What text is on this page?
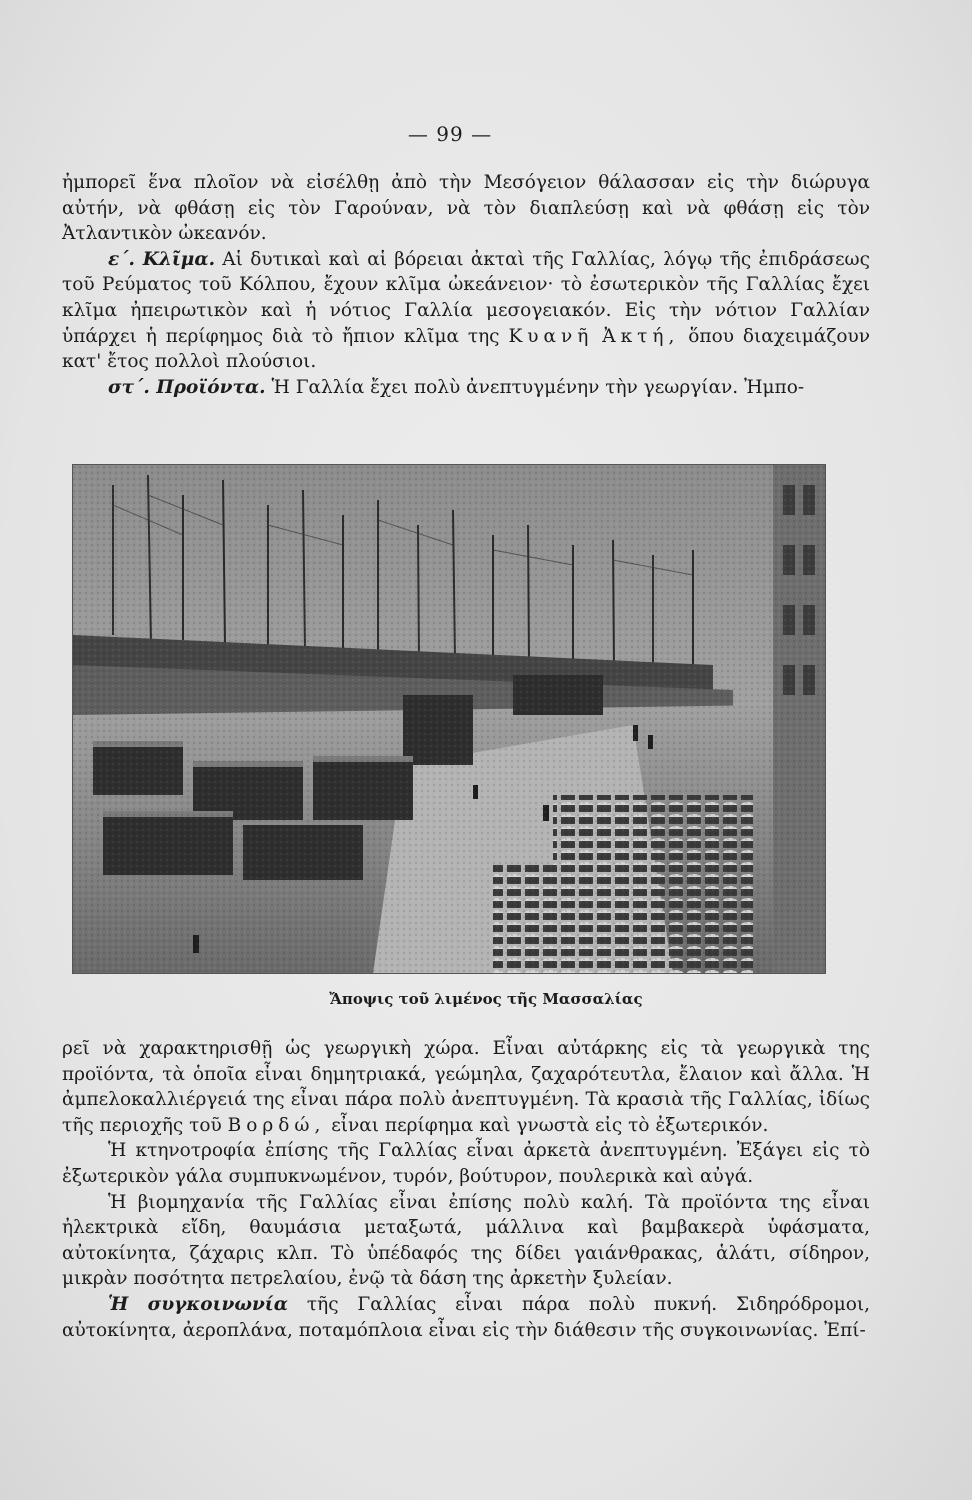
— 99 —

ἠμπορεῖ ἕνα πλοῖον νὰ εἰσέλθῃ ἀπὸ τὴν Μεσόγειον θάλασσαν εἰς τὴν διώρυγα αὐτήν, νὰ φθάσῃ εἰς τὸν Γαρούναν, νὰ τὸν διαπλεύσῃ καὶ νὰ φθάσῃ εἰς τὸν Ἀτλαντικὸν ὠκεανόν.

ε΄. Κλῖμα. Αἱ δυτικαὶ καὶ αἱ βόρειαι ἀκταὶ τῆς Γαλλίας, λόγῳ τῆς ἐπιδράσεως τοῦ Ρεύματος τοῦ Κόλπου, ἔχουν κλῖμα ὠκεάνειον· τὸ ἐσωτερικὸν τῆς Γαλλίας ἔχει κλῖμα ἠπειρωτικὸν καὶ ἡ νότιος Γαλλία μεσογειακόν. Εἰς τὴν νότιον Γαλλίαν ὑπάρχει ἡ περίφημος διὰ τὸ ἤπιον κλῖμα της Κυανῆ Ἀκτή, ὅπου διαχειμάζουν κατ' ἔτος πολλοὶ πλούσιοι.

στ΄. Προϊόντα. Ἡ Γαλλία ἔχει πολὺ ἀνεπτυγμένην τὴν γεωργίαν. Ἠμπο-

Ἄποψις τοῦ λιμένος τῆς Μασσαλίας

ρεῖ νὰ χαρακτηρισθῇ ὡς γεωργικὴ χώρα. Εἶναι αὐτάρκης εἰς τὰ γεωργικὰ της προϊόντα, τὰ ὁποῖα εἶναι δημητριακά, γεώμηλα, ζαχαρότευτλα, ἔλαιον καὶ ἄλλα. Ἡ ἀμπελοκαλλιέργειά της εἶναι πάρα πολὺ ἀνεπτυγμένη. Τὰ κρασιὰ τῆς Γαλλίας, ἰδίως τῆς περιοχῆς τοῦ Βορδώ, εἶναι περίφημα καὶ γνωστὰ εἰς τὸ ἐξωτερικόν.

Ἡ κτηνοτροφία ἐπίσης τῆς Γαλλίας εἶναι ἀρκετὰ ἀνεπτυγμένη. Ἐξάγει εἰς τὸ ἐξωτερικὸν γάλα συμπυκνωμένον, τυρόν, βούτυρον, πουλερικὰ καὶ αὐγά.

Ἡ βιομηχανία τῆς Γαλλίας εἶναι ἐπίσης πολὺ καλή. Τὰ προϊόντα της εἶναι ἠλεκτρικὰ εἴδη, θαυμάσια μεταξωτά, μάλλινα καὶ βαμβακερὰ ὑφάσματα, αὐτοκίνητα, ζάχαρις κλπ. Τὸ ὑπέδαφός της δίδει γαιάνθρακας, ἁλάτι, σίδηρον, μικρὰν ποσότητα πετρελαίου, ἐνῷ τὰ δάση της ἀρκετὴν ξυλείαν.

Ἡ συγκοινωνία τῆς Γαλλίας εἶναι πάρα πολὺ πυκνή. Σιδηρόδρομοι, αὐτοκίνητα, ἀεροπλάνα, ποταμόπλοια εἶναι εἰς τὴν διάθεσιν τῆς συγκοινωνίας. Ἐπί-
